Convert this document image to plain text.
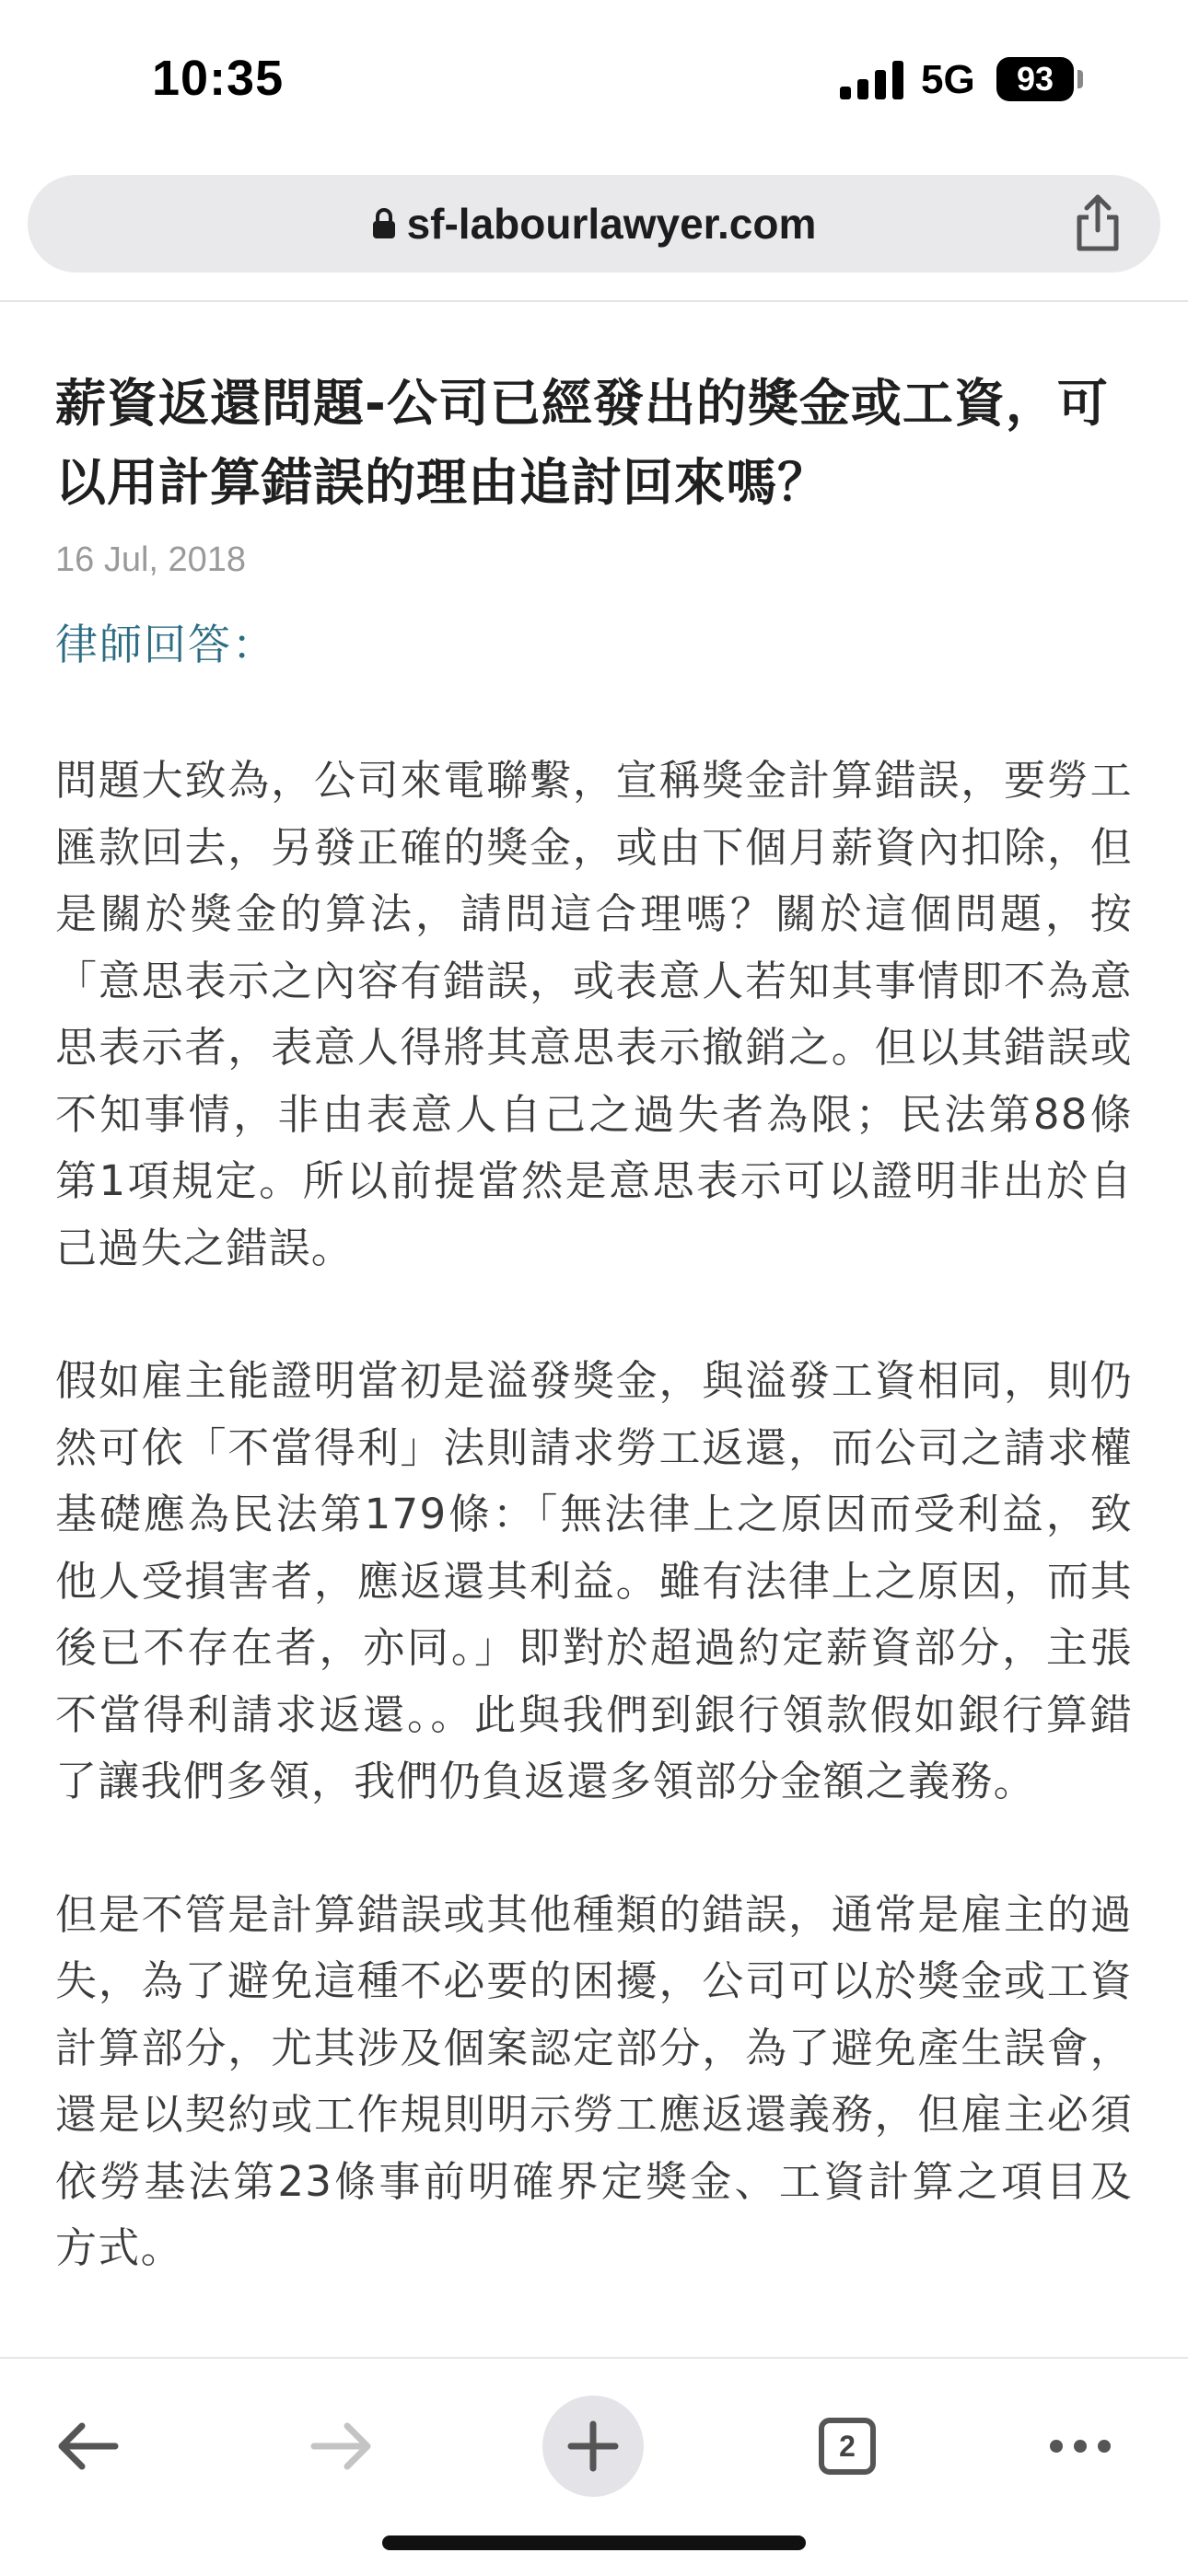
10:35	5G	93
sf-labourlawyer.com
薪資返還問題-公司已經發出的獎金或工資，可以用計算錯誤的理由追討回來嗎？
16 Jul, 2018
律師回答：
問題大致為，公司來電聯繫，宣稱獎金計算錯誤，要勞工匯款回去，另發正確的獎金，或由下個月薪資內扣除，但是關於獎金的算法，請問這合理嗎？關於這個問題，按「意思表示之內容有錯誤，或表意人若知其事情即不為意思表示者，表意人得將其意思表示撤銷之。但以其錯誤或不知事情，非由表意人自己之過失者為限；民法第88條第1項規定。所以前提當然是意思表示可以證明非出於自己過失之錯誤。
假如雇主能證明當初是溢發獎金，與溢發工資相同，則仍然可依「不當得利」法則請求勞工返還，而公司之請求權基礎應為民法第179條：「無法律上之原因而受利益，致他人受損害者，應返還其利益。雖有法律上之原因，而其後已不存在者，亦同。」即對於超過約定薪資部分，主張不當得利請求返還。。此與我們到銀行領款假如銀行算錯了讓我們多領，我們仍負返還多領部分金額之義務。
但是不管是計算錯誤或其他種類的錯誤，通常是雇主的過失，為了避免這種不必要的困擾，公司可以於獎金或工資計算部分，尤其涉及個案認定部分，為了避免產生誤會，還是以契約或工作規則明示勞工應返還義務，但雇主必須依勞基法第23條事前明確界定獎金、工資計算之項目及方式。
2
